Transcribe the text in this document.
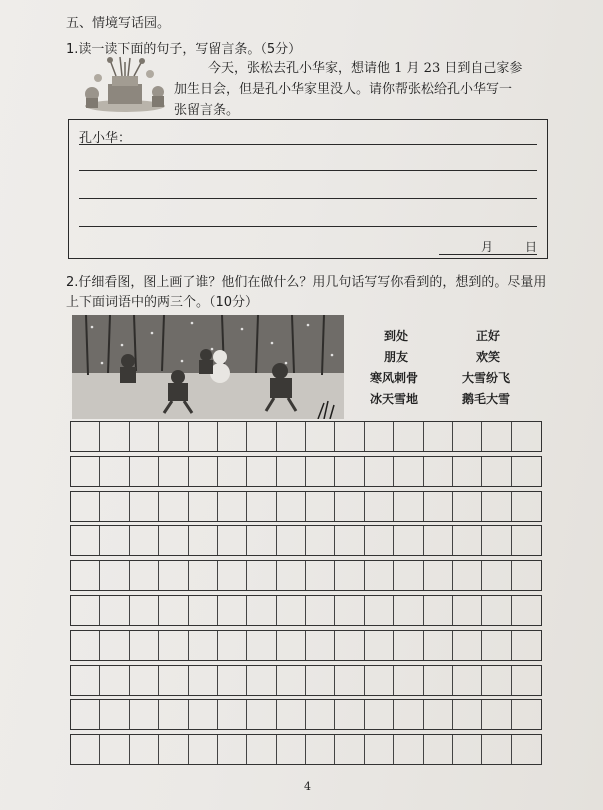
五、情境写话园。
1.读一读下面的句子，写留言条。（5分）
今天，张松去孔小华家，想请他 1 月 23 日到自己家参
加生日会，但是孔小华家里没人。请你帮张松给孔小华写一
张留言条。
孔小华：
月	日
2.仔细看图，图上画了谁？他们在做什么？用几句话写写你看到的，想到的。尽量用上下面词语中的两三个。（10分）
到处	正好
朋友	欢笑
寒风刺骨	大雪纷飞
冰天雪地	鹅毛大雪
4
